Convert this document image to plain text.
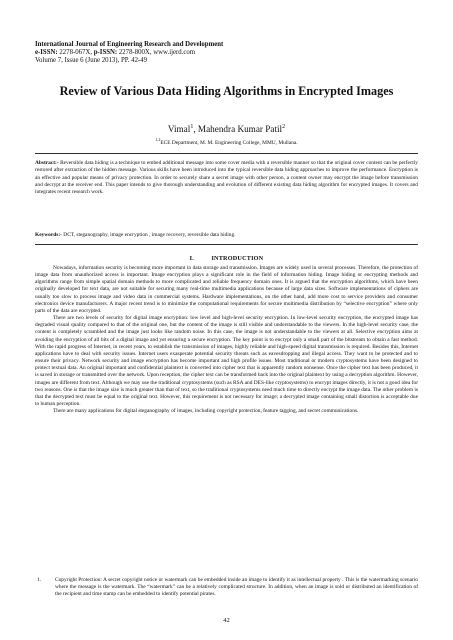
International Journal of Engineering Research and Development
e-ISSN: 2278-067X, p-ISSN: 2278-800X, www.ijerd.com
Volume 7, Issue 6 (June 2013), PP. 42-49
Review of Various Data Hiding Algorithms in Encrypted Images
Vimal$^1$, Mahendra Kumar Patil$^2$
$^{1,2}$ECE Department, M. M. Engineering College, MMU, Mullana.
Abstract:- Reversible data hiding is a technique to embed additional message into some cover media with a reversible manner so that the original cover content can be perfectly restored after extraction of the hidden message. Various skills have been introduced into the typical reversible data hiding approaches to improve the performance. Encryption is an effective and popular means of privacy protection. In order to securely share a secret image with other person, a content owner may encrypt the image before transmission and decrypt at the receiver end. This paper intends to give thorough understanding and evolution of different existing data hiding algorithm for encrypted images. It covers and integrates recent research work.
Keywords:- DCT, steganography, image encryption , image recovery, reversible data hiding.
I.          INTRODUCTION

Nowadays, information security is becoming more important in data storage and transmission. Images are widely used in several processes. Therefore, the protection of image data from unauthorized access is important. Image encryption plays a significant role in the field of information hiding. Image hiding or encrypting methods and algorithms range from simple spatial domain methods to more complicated and reliable frequency domain ones. It is argued that the encryption algorithms, which have been originally developed for text data, are not suitable for securing many real-time multimedia applications because of large data sizes. Software implementations of ciphers are usually too slow to process image and video data in commercial systems. Hardware implementations, on the other hand, add more cost to service providers and consumer electronics device manufacturers. A major recent trend is to minimize the computational requirements for secure multimedia distribution by “selective encryption” where only parts of the data are encrypted.

There are two levels of security for digital image encryption: low level and high-level security encryption. In low-level security encryption, the encrypted image has degraded visual quality compared to that of the original one, but the content of the image is still visible and understandable to the viewers. In the high-level security case, the content is completely scrambled and the image just looks like random noise. In this case, the image is not understandable to the viewers at all. Selective encryption aims at avoiding the encryption of all bits of a digital image and yet ensuring a secure encryption. The key point is to encrypt only a small part of the bitstream to obtain a fast method. With the rapid progress of Internet, in recent years, to establish the transmission of images, highly reliable and high-speed digital transmission is required. Besides this, Internet applications have to deal with security issues. Internet users exasperate potential security threats such as eavesdropping and illegal access. They want to be protected and to ensure their privacy. Network security and image encryption has become important and high profile issues. Most traditional or modern cryptosystems have been designed to protect textual data. An original important and confidential plaintext is converted into cipher text that is apparently random nonsense. Once the cipher text has been produced, it is saved in storage or transmitted over the network. Upon reception, the cipher text can be transformed back into the original plaintext by using a decryption algorithm. However, images are different from text. Although we may use the traditional cryptosystems (such as RSA and DES-like cryptosystems) to encrypt images directly, it is not a good idea for two reasons. One is that the image size is much greater than that of text, so the traditional cryptosystems need much time to directly encrypt the image data. The other problem is that the decrypted text must be equal to the original text. However, this requirement is not necessary for image; a decrypted image containing small distortion is acceptable due to human perception.

There are many applications for digital steganography of images, including copyright protection, feature tagging, and secret communications.

1.	Copyright Protection: A secret copyright notice or watermark can be embedded inside an image to identify it as intellectual property . This is the watermarking scenario where the message is the watermark. The “watermark” can be a relatively complicated structure. In addition, when an image is sold or distributed an identification of the recipient and time stamp can be embedded to identify potential pirates.
42
